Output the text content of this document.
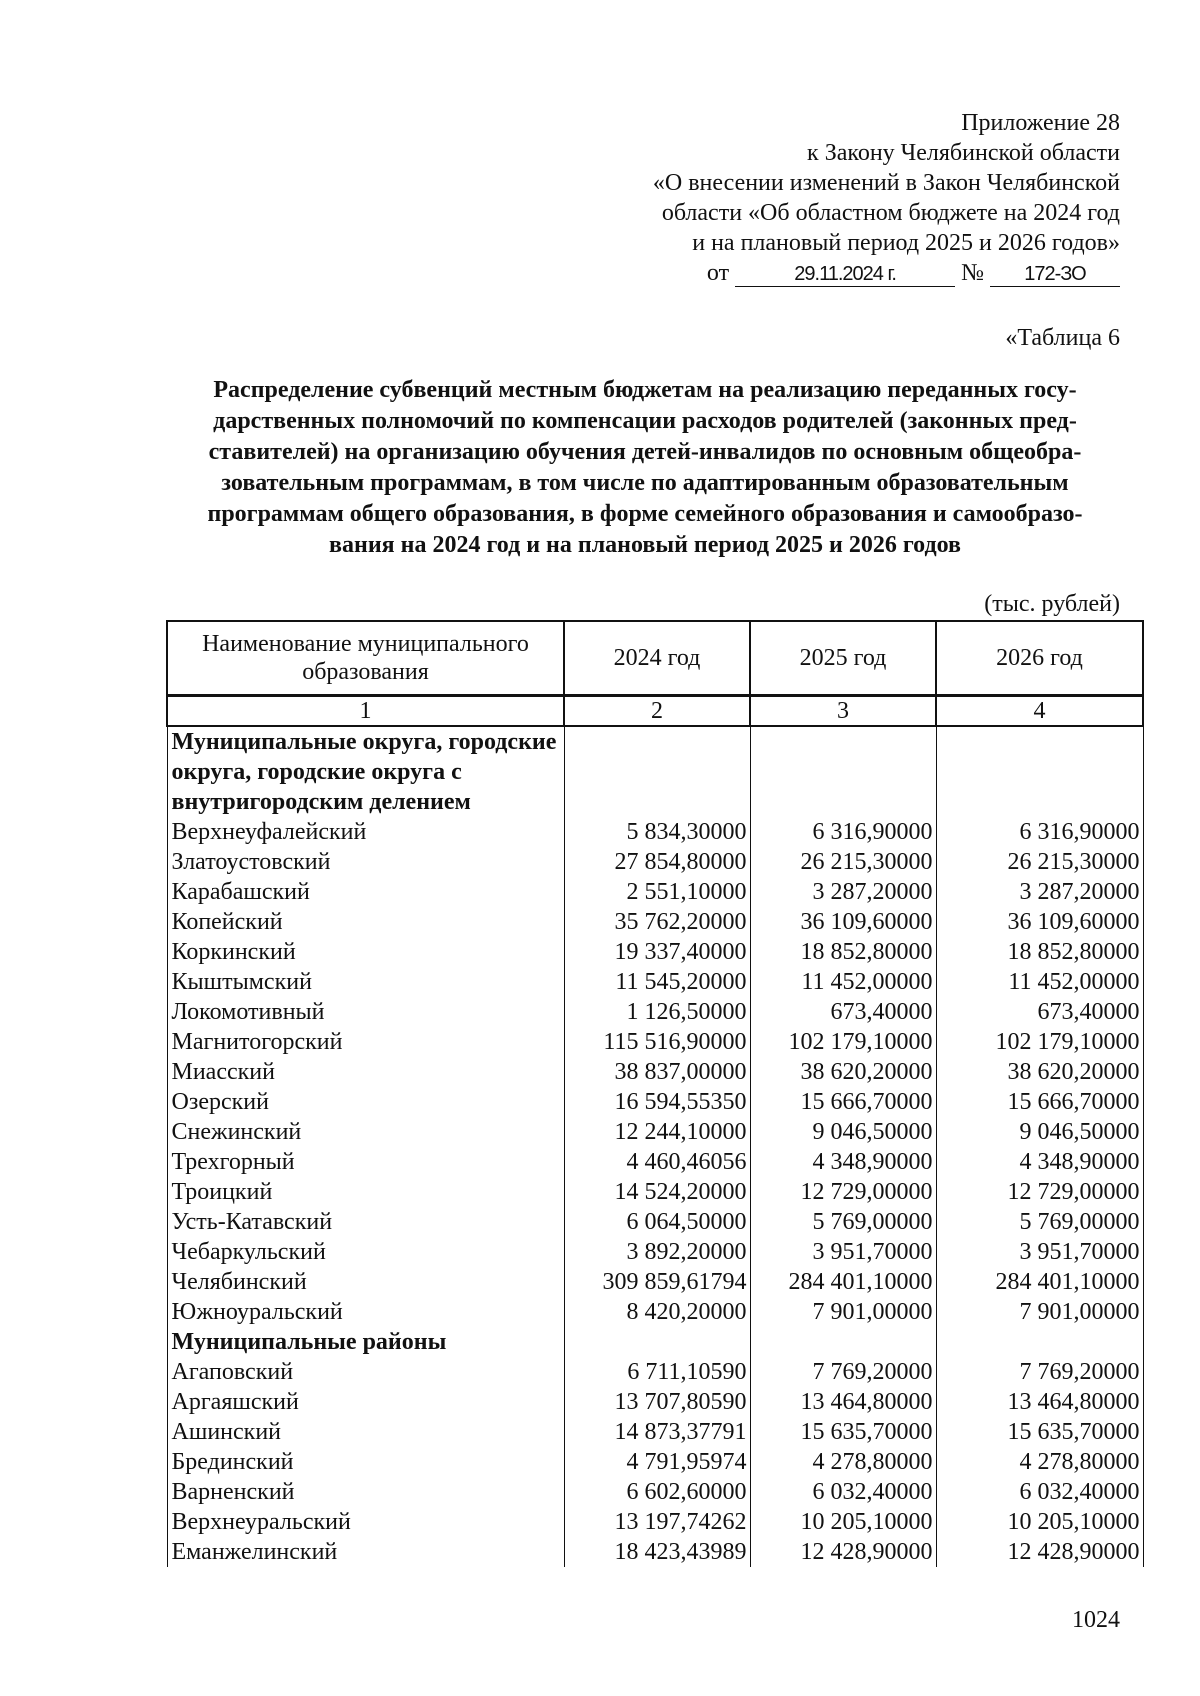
Приложение 28
к Закону Челябинской области
«О внесении изменений в Закон Челябинской
области «Об областном бюджете на 2024 год
и на плановый период 2025 и 2026 годов»
от	29.11.2024 г.	№ 172-ЗО
«Таблица 6
Распределение субвенций местным бюджетам на реализацию переданных госу-
дарственных полномочий по компенсации расходов родителей (законных пред-
ставителей) на организацию обучения детей-инвалидов по основным общеобра-
зовательным программам, в том числе по адаптированным образовательным
программам общего образования, в форме семейного образования и самообразо-
вания на 2024 год и на плановый период 2025 и 2026 годов
(тыс. рублей)
Наименование муниципального образования	2024 год	2025 год	2026 год
1	2	3	4
Муниципальные округа, городские округа, городские округа с внутригородским делением			
Верхнеуфалейский	5 834,30000	6 316,90000	6 316,90000
Златоустовский	27 854,80000	26 215,30000	26 215,30000
Карабашский	2 551,10000	3 287,20000	3 287,20000
Копейский	35 762,20000	36 109,60000	36 109,60000
Коркинский	19 337,40000	18 852,80000	18 852,80000
Кыштымский	11 545,20000	11 452,00000	11 452,00000
Локомотивный	1 126,50000	673,40000	673,40000
Магнитогорский	115 516,90000	102 179,10000	102 179,10000
Миасский	38 837,00000	38 620,20000	38 620,20000
Озерский	16 594,55350	15 666,70000	15 666,70000
Снежинский	12 244,10000	9 046,50000	9 046,50000
Трехгорный	4 460,46056	4 348,90000	4 348,90000
Троицкий	14 524,20000	12 729,00000	12 729,00000
Усть-Катавский	6 064,50000	5 769,00000	5 769,00000
Чебаркульский	3 892,20000	3 951,70000	3 951,70000
Челябинский	309 859,61794	284 401,10000	284 401,10000
Южноуральский	8 420,20000	7 901,00000	7 901,00000
Муниципальные районы			
Агаповский	6 711,10590	7 769,20000	7 769,20000
Аргаяшский	13 707,80590	13 464,80000	13 464,80000
Ашинский	14 873,37791	15 635,70000	15 635,70000
Брединский	4 791,95974	4 278,80000	4 278,80000
Варненский	6 602,60000	6 032,40000	6 032,40000
Верхнеуральский	13 197,74262	10 205,10000	10 205,10000
Еманжелинский	18 423,43989	12 428,90000	12 428,90000
1024
